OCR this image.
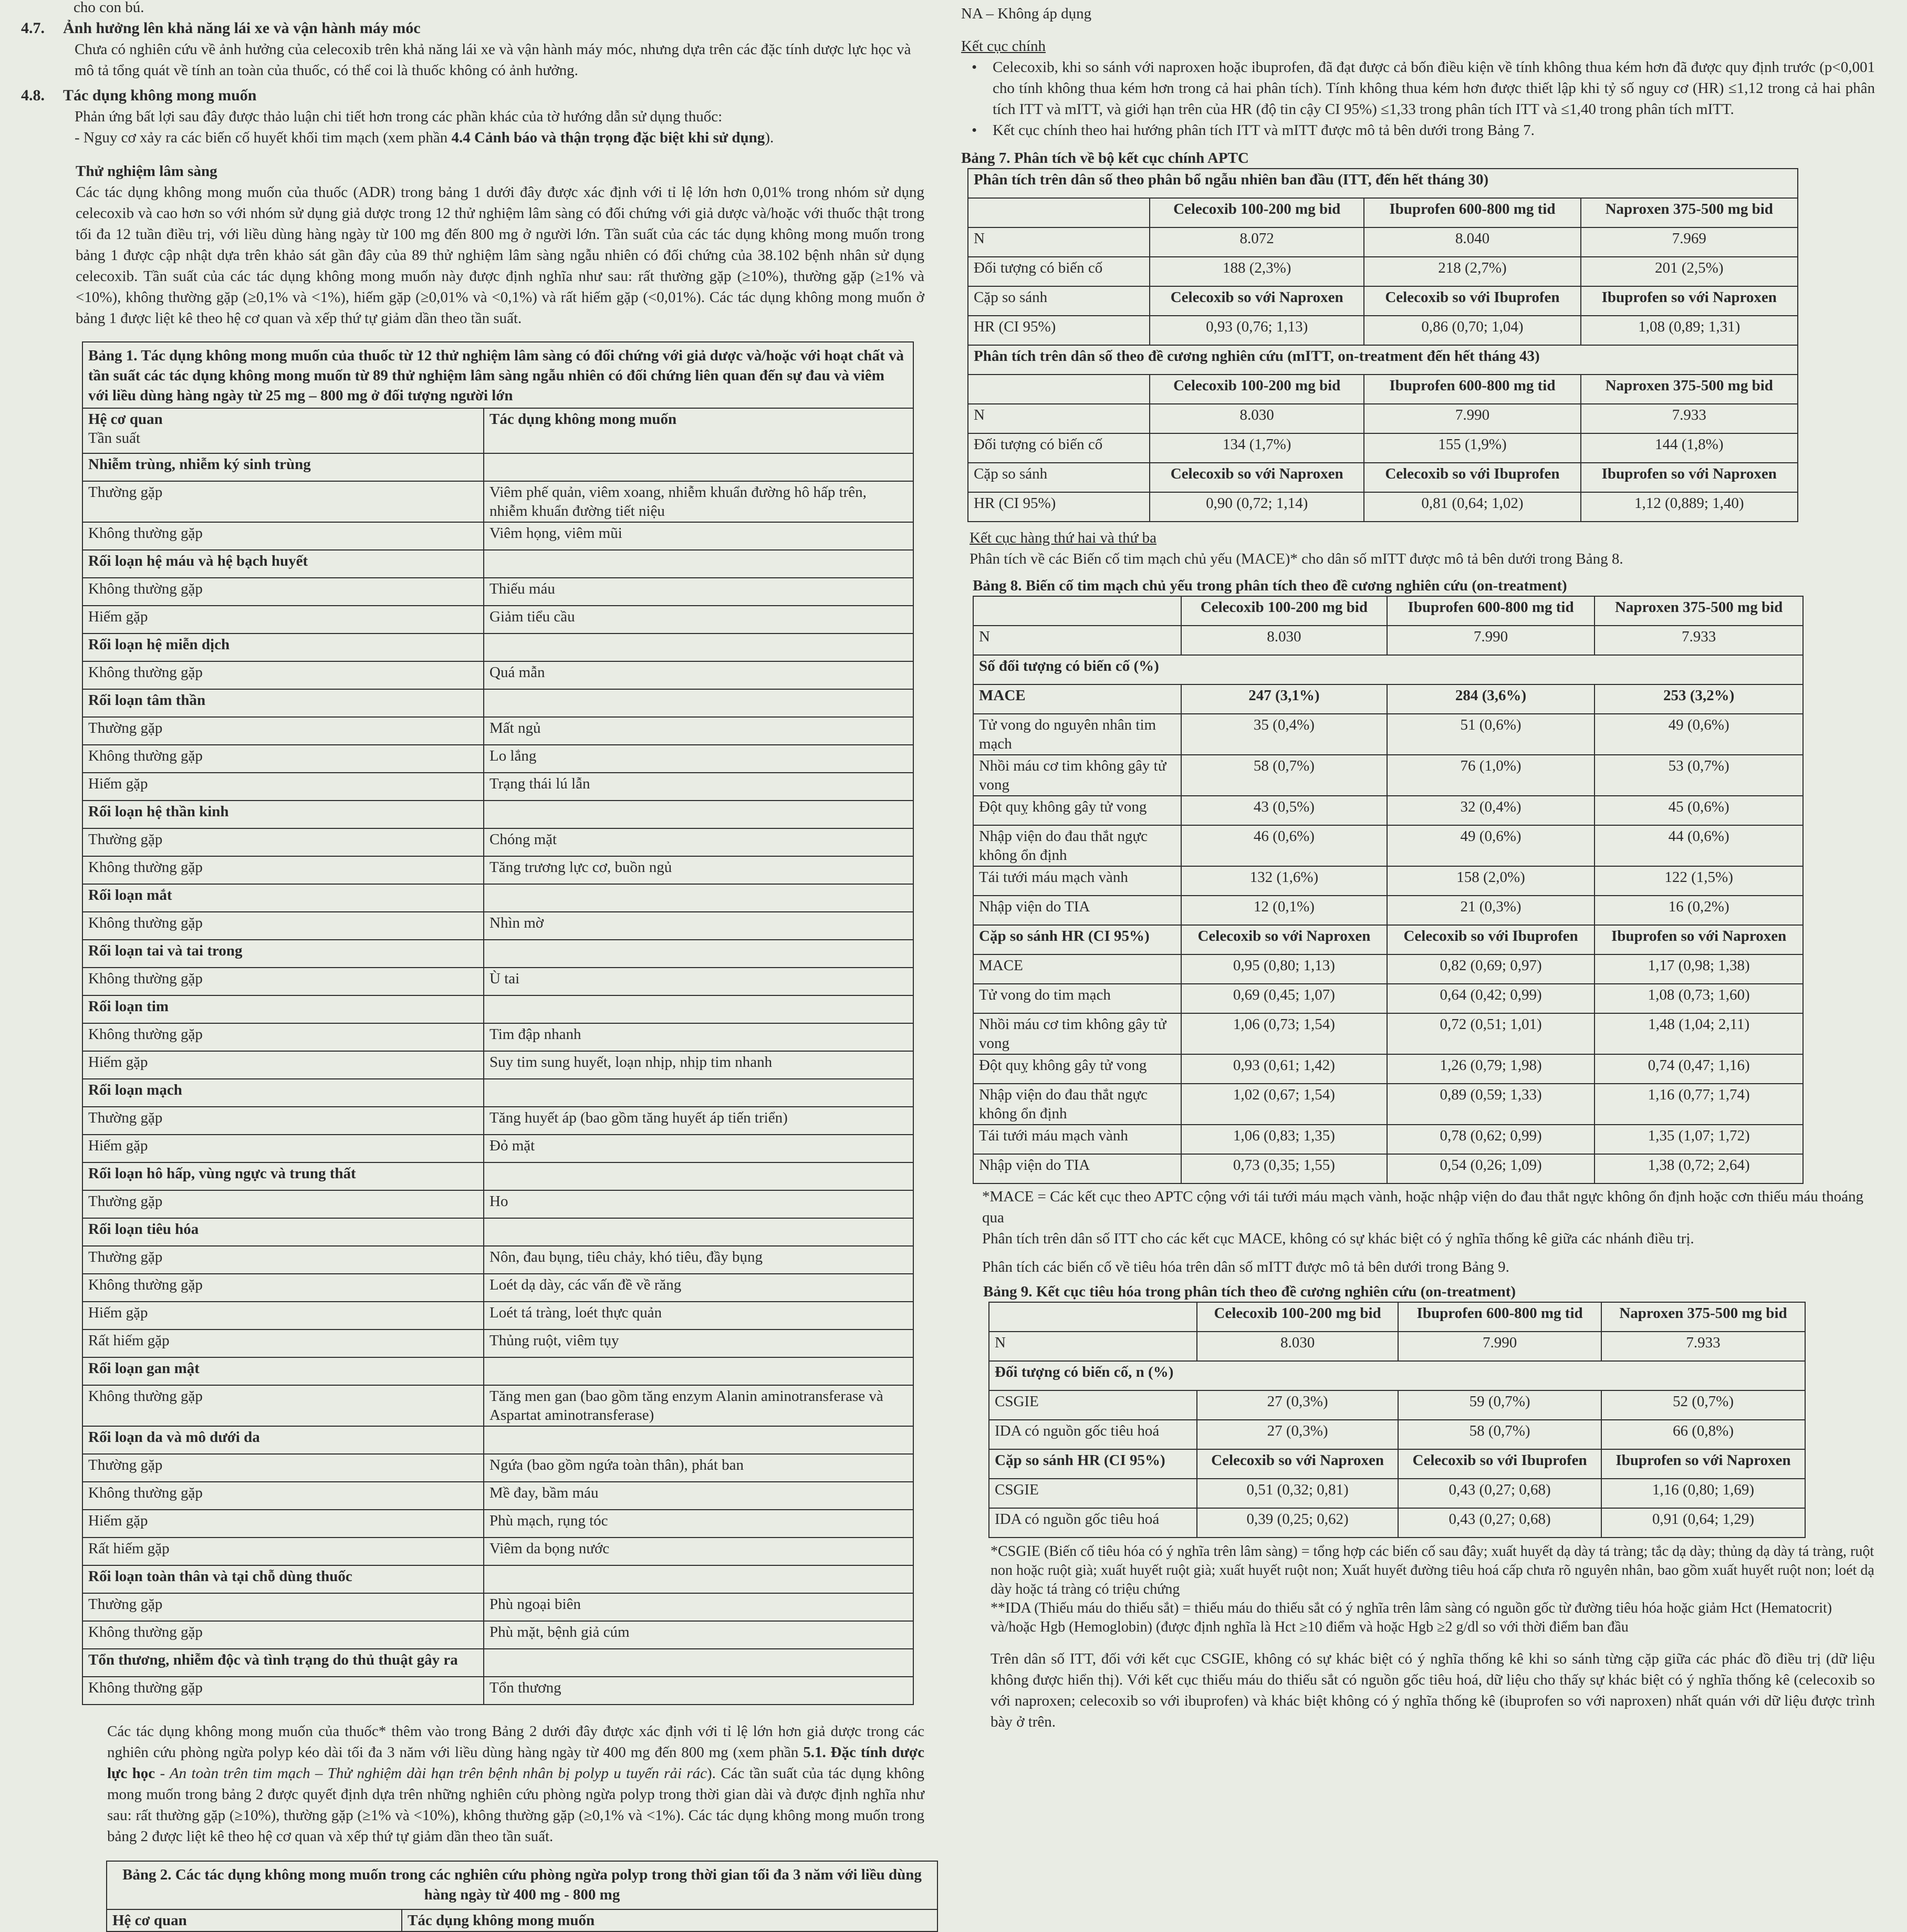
cho con bú.

4.7. Ảnh hưởng lên khả năng lái xe và vận hành máy móc

Chưa có nghiên cứu về ảnh hưởng của celecoxib trên khả năng lái xe và vận hành máy móc, nhưng dựa trên các đặc tính dược lực học và mô tả tổng quát về tính an toàn của thuốc, có thể coi là thuốc không có ảnh hưởng.

4.8. Tác dụng không mong muốn

Phản ứng bất lợi sau đây được thảo luận chi tiết hơn trong các phần khác của tờ hướng dẫn sử dụng thuốc:

- Nguy cơ xảy ra các biến cố huyết khối tim mạch (xem phần 4.4 Cảnh báo và thận trọng đặc biệt khi sử dụng).

Thử nghiệm lâm sàng

Các tác dụng không mong muốn của thuốc (ADR) trong bảng 1 dưới đây được xác định với tỉ lệ lớn hơn 0,01% trong nhóm sử dụng celecoxib và cao hơn so với nhóm sử dụng giả dược trong 12 thử nghiệm lâm sàng có đối chứng với giả dược và/hoặc với thuốc thật trong tối đa 12 tuần điều trị, với liều dùng hàng ngày từ 100 mg đến 800 mg ở người lớn. Tần suất của các tác dụng không mong muốn trong bảng 1 được cập nhật dựa trên khảo sát gần đây của 89 thử nghiệm lâm sàng ngẫu nhiên có đối chứng của 38.102 bệnh nhân sử dụng celecoxib. Tần suất của các tác dụng không mong muốn này được định nghĩa như sau: rất thường gặp (≥10%), thường gặp (≥1% và <10%), không thường gặp (≥0,1% và <1%), hiếm gặp (≥0,01% và <0,1%) và rất hiếm gặp (<0,01%). Các tác dụng không mong muốn ở bảng 1 được liệt kê theo hệ cơ quan và xếp thứ tự giảm dần theo tần suất.

Bảng 1. Tác dụng không mong muốn của thuốc từ 12 thử nghiệm lâm sàng có đối chứng với giả dược và/hoặc với hoạt chất và tần suất các tác dụng không mong muốn từ 89 thử nghiệm lâm sàng ngẫu nhiên có đối chứng liên quan đến sự đau và viêm với liều dùng hàng ngày từ 25 mg – 800 mg ở đối tượng người lớn	
Hệ cơ quan
Tần suất	Tác dụng không mong muốn
Nhiễm trùng, nhiễm ký sinh trùng	
Thường gặp	Viêm phế quản, viêm xoang, nhiễm khuẩn đường hô hấp trên, nhiễm khuẩn đường tiết niệu
Không thường gặp	Viêm họng, viêm mũi
Rối loạn hệ máu và hệ bạch huyết	
Không thường gặp	Thiếu máu
Hiếm gặp	Giảm tiểu cầu
Rối loạn hệ miễn dịch	
Không thường gặp	Quá mẫn
Rối loạn tâm thần	
Thường gặp	Mất ngủ
Không thường gặp	Lo lắng
Hiếm gặp	Trạng thái lú lẫn
Rối loạn hệ thần kinh	
Thường gặp	Chóng mặt
Không thường gặp	Tăng trương lực cơ, buồn ngủ
Rối loạn mắt	
Không thường gặp	Nhìn mờ
Rối loạn tai và tai trong	
Không thường gặp	Ù tai
Rối loạn tim	
Không thường gặp	Tim đập nhanh
Hiếm gặp	Suy tim sung huyết, loạn nhịp, nhịp tim nhanh
Rối loạn mạch	
Thường gặp	Tăng huyết áp (bao gồm tăng huyết áp tiến triển)
Hiếm gặp	Đỏ mặt
Rối loạn hô hấp, vùng ngực và trung thất	
Thường gặp	Ho
Rối loạn tiêu hóa	
Thường gặp	Nôn, đau bụng, tiêu chảy, khó tiêu, đầy bụng
Không thường gặp	Loét dạ dày, các vấn đề về răng
Hiếm gặp	Loét tá tràng, loét thực quản
Rất hiếm gặp	Thủng ruột, viêm tụy
Rối loạn gan mật	
Không thường gặp	Tăng men gan (bao gồm tăng enzym Alanin aminotransferase và Aspartat aminotransferase)
Rối loạn da và mô dưới da	
Thường gặp	Ngứa (bao gồm ngứa toàn thân), phát ban
Không thường gặp	Mề đay, bầm máu
Hiếm gặp	Phù mạch, rụng tóc
Rất hiếm gặp	Viêm da bọng nước
Rối loạn toàn thân và tại chỗ dùng thuốc	
Thường gặp	Phù ngoại biên
Không thường gặp	Phù mặt, bệnh giả cúm
Tổn thương, nhiễm độc và tình trạng do thủ thuật gây ra	
Không thường gặp	Tổn thương

Các tác dụng không mong muốn của thuốc* thêm vào trong Bảng 2 dưới đây được xác định với tỉ lệ lớn hơn giả dược trong các nghiên cứu phòng ngừa polyp kéo dài tối đa 3 năm với liều dùng hàng ngày từ 400 mg đến 800 mg (xem phần 5.1. Đặc tính dược lực học - An toàn trên tim mạch – Thử nghiệm dài hạn trên bệnh nhân bị polyp u tuyến rải rác). Các tần suất của tác dụng không mong muốn trong bảng 2 được quyết định dựa trên những nghiên cứu phòng ngừa polyp trong thời gian dài và được định nghĩa như sau: rất thường gặp (≥10%), thường gặp (≥1% và <10%), không thường gặp (≥0,1% và <1%). Các tác dụng không mong muốn trong bảng 2 được liệt kê theo hệ cơ quan và xếp thứ tự giảm dần theo tần suất.

Bảng 2. Các tác dụng không mong muốn trong các nghiên cứu phòng ngừa polyp trong thời gian tối đa 3 năm với liều dùng hàng ngày từ 400 mg - 800 mg
Hệ cơ quan	Tác dụng không mong muốn

NA – Không áp dụng

Kết cục chính

• Celecoxib, khi so sánh với naproxen hoặc ibuprofen, đã đạt được cả bốn điều kiện về tính không thua kém hơn đã được quy định trước (p<0,001 cho tính không thua kém hơn trong cả hai phân tích). Tính không thua kém hơn được thiết lập khi tỷ số nguy cơ (HR) ≤1,12 trong cả hai phân tích ITT và mITT, và giới hạn trên của HR (độ tin cậy CI 95%) ≤1,33 trong phân tích ITT và ≤1,40 trong phân tích mITT.

• Kết cục chính theo hai hướng phân tích ITT và mITT được mô tả bên dưới trong Bảng 7.

Bảng 7. Phân tích về bộ kết cục chính APTC

Phân tích trên dân số theo phân bổ ngẫu nhiên ban đầu (ITT, đến hết tháng 30)			
	Celecoxib 100-200 mg bid	Ibuprofen 600-800 mg tid	Naproxen 375-500 mg bid
N	8.072	8.040	7.969
Đối tượng có biến cố	188 (2,3%)	218 (2,7%)	201 (2,5%)
Cặp so sánh	Celecoxib so với Naproxen	Celecoxib so với Ibuprofen	Ibuprofen so với Naproxen
HR (CI 95%)	0,93 (0,76; 1,13)	0,86 (0,70; 1,04)	1,08 (0,89; 1,31)
Phân tích trên dân số theo đề cương nghiên cứu (mITT, on-treatment đến hết tháng 43)			
	Celecoxib 100-200 mg bid	Ibuprofen 600-800 mg tid	Naproxen 375-500 mg bid
N	8.030	7.990	7.933
Đối tượng có biến cố	134 (1,7%)	155 (1,9%)	144 (1,8%)
Cặp so sánh	Celecoxib so với Naproxen	Celecoxib so với Ibuprofen	Ibuprofen so với Naproxen
HR (CI 95%)	0,90 (0,72; 1,14)	0,81 (0,64; 1,02)	1,12 (0,889; 1,40)

Kết cục hàng thứ hai và thứ ba

Phân tích về các Biến cố tim mạch chủ yếu (MACE)* cho dân số mITT được mô tả bên dưới trong Bảng 8.

Bảng 8. Biến cố tim mạch chủ yếu trong phân tích theo đề cương nghiên cứu (on-treatment)

	Celecoxib 100-200 mg bid	Ibuprofen 600-800 mg tid	Naproxen 375-500 mg bid
N	8.030	7.990	7.933
Số đối tượng có biến cố (%)			
MACE	247 (3,1%)	284 (3,6%)	253 (3,2%)
Tử vong do nguyên nhân tim mạch	35 (0,4%)	51 (0,6%)	49 (0,6%)
Nhồi máu cơ tim không gây tử vong	58 (0,7%)	76 (1,0%)	53 (0,7%)
Đột quỵ không gây tử vong	43 (0,5%)	32 (0,4%)	45 (0,6%)
Nhập viện do đau thắt ngực không ổn định	46 (0,6%)	49 (0,6%)	44 (0,6%)
Tái tưới máu mạch vành	132 (1,6%)	158 (2,0%)	122 (1,5%)
Nhập viện do TIA	12 (0,1%)	21 (0,3%)	16 (0,2%)
Cặp so sánh HR (CI 95%)	Celecoxib so với Naproxen	Celecoxib so với Ibuprofen	Ibuprofen so với Naproxen
MACE	0,95 (0,80; 1,13)	0,82 (0,69; 0,97)	1,17 (0,98; 1,38)
Tử vong do tim mạch	0,69 (0,45; 1,07)	0,64 (0,42; 0,99)	1,08 (0,73; 1,60)
Nhồi máu cơ tim không gây tử vong	1,06 (0,73; 1,54)	0,72 (0,51; 1,01)	1,48 (1,04; 2,11)
Đột quỵ không gây tử vong	0,93 (0,61; 1,42)	1,26 (0,79; 1,98)	0,74 (0,47; 1,16)
Nhập viện do đau thắt ngực không ổn định	1,02 (0,67; 1,54)	0,89 (0,59; 1,33)	1,16 (0,77; 1,74)
Tái tưới máu mạch vành	1,06 (0,83; 1,35)	0,78 (0,62; 0,99)	1,35 (1,07; 1,72)
Nhập viện do TIA	0,73 (0,35; 1,55)	0,54 (0,26; 1,09)	1,38 (0,72; 2,64)

*MACE = Các kết cục theo APTC cộng với tái tưới máu mạch vành, hoặc nhập viện do đau thắt ngực không ổn định hoặc cơn thiếu máu thoáng qua

Phân tích trên dân số ITT cho các kết cục MACE, không có sự khác biệt có ý nghĩa thống kê giữa các nhánh điều trị.

Phân tích các biến cố về tiêu hóa trên dân số mITT được mô tả bên dưới trong Bảng 9.

Bảng 9. Kết cục tiêu hóa trong phân tích theo đề cương nghiên cứu (on-treatment)

	Celecoxib 100-200 mg bid	Ibuprofen 600-800 mg tid	Naproxen 375-500 mg bid
N	8.030	7.990	7.933
Đối tượng có biến cố, n (%)			
CSGIE	27 (0,3%)	59 (0,7%)	52 (0,7%)
IDA có nguồn gốc tiêu hoá	27 (0,3%)	58 (0,7%)	66 (0,8%)
Cặp so sánh HR (CI 95%)	Celecoxib so với Naproxen	Celecoxib so với Ibuprofen	Ibuprofen so với Naproxen
CSGIE	0,51 (0,32; 0,81)	0,43 (0,27; 0,68)	1,16 (0,80; 1,69)
IDA có nguồn gốc tiêu hoá	0,39 (0,25; 0,62)	0,43 (0,27; 0,68)	0,91 (0,64; 1,29)

*CSGIE (Biến cố tiêu hóa có ý nghĩa trên lâm sàng) = tổng hợp các biến cố sau đây; xuất huyết dạ dày tá tràng; tắc dạ dày; thủng dạ dày tá tràng, ruột non hoặc ruột già; xuất huyết ruột già; xuất huyết ruột non; Xuất huyết đường tiêu hoá cấp chưa rõ nguyên nhân, bao gồm xuất huyết ruột non; loét dạ dày hoặc tá tràng có triệu chứng

**IDA (Thiếu máu do thiếu sắt) = thiếu máu do thiếu sắt có ý nghĩa trên lâm sàng có nguồn gốc từ đường tiêu hóa hoặc giảm Hct (Hematocrit) và/hoặc Hgb (Hemoglobin) (được định nghĩa là Hct ≥10 điểm và hoặc Hgb ≥2 g/dl so với thời điểm ban đầu

Trên dân số ITT, đối với kết cục CSGIE, không có sự khác biệt có ý nghĩa thống kê khi so sánh từng cặp giữa các phác đồ điều trị (dữ liệu không được hiển thị). Với kết cục thiếu máu do thiếu sắt có nguồn gốc tiêu hoá, dữ liệu cho thấy sự khác biệt có ý nghĩa thống kê (celecoxib so với naproxen; celecoxib so với ibuprofen) và khác biệt không có ý nghĩa thống kê (ibuprofen so với naproxen) nhất quán với dữ liệu được trình bày ở trên.
